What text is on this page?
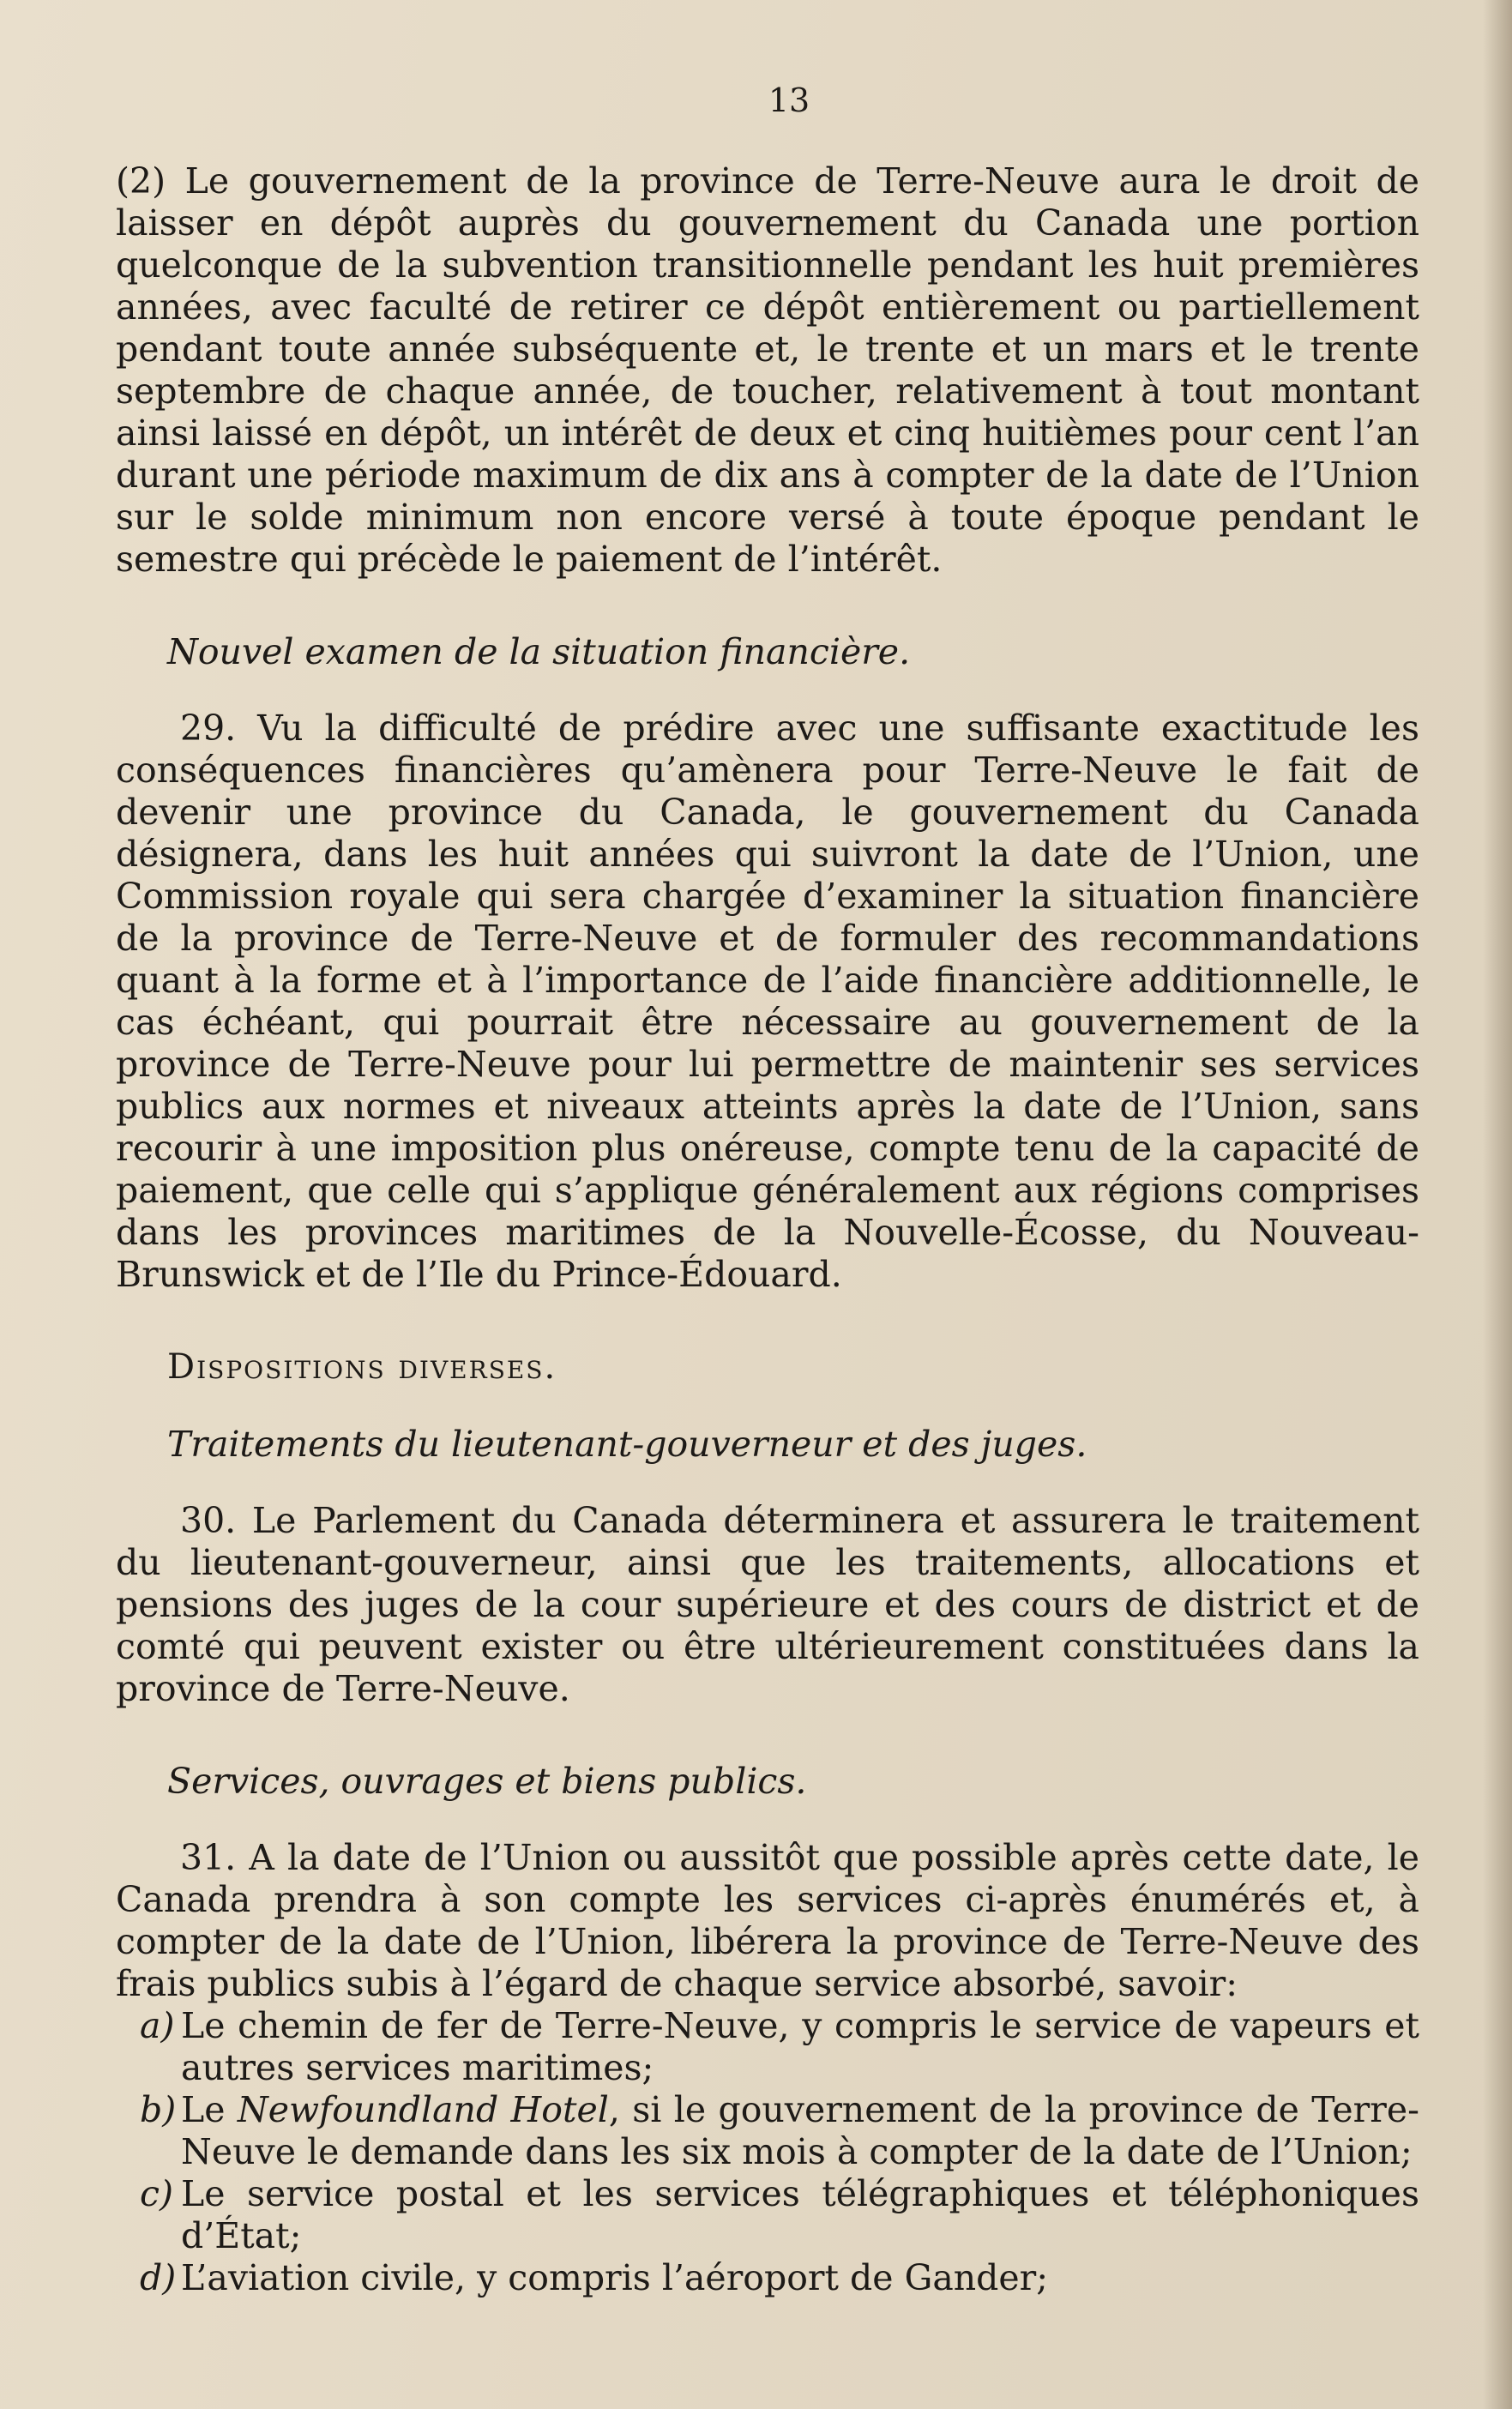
13

(2) Le gouvernement de la province de Terre-Neuve aura le droit de laisser en dépôt auprès du gouvernement du Canada une portion quelconque de la subvention transitionnelle pendant les huit premières années, avec faculté de retirer ce dépôt entièrement ou partiellement pendant toute année subséquente et, le trente et un mars et le trente septembre de chaque année, de toucher, relativement à tout montant ainsi laissé en dépôt, un intérêt de deux et cinq huitièmes pour cent l’an durant une période maximum de dix ans à compter de la date de l’Union sur le solde minimum non encore versé à toute époque pendant le semestre qui précède le paiement de l’intérêt.

Nouvel examen de la situation financière.

29. Vu la difficulté de prédire avec une suffisante exactitude les conséquences financières qu’amènera pour Terre-Neuve le fait de devenir une province du Canada, le gouvernement du Canada désignera, dans les huit années qui suivront la date de l’Union, une Commission royale qui sera chargée d’examiner la situation financière de la province de Terre-Neuve et de formuler des recommandations quant à la forme et à l’importance de l’aide financière additionnelle, le cas échéant, qui pourrait être nécessaire au gouvernement de la province de Terre-Neuve pour lui permettre de maintenir ses services publics aux normes et niveaux atteints après la date de l’Union, sans recourir à une imposition plus onéreuse, compte tenu de la capacité de paiement, que celle qui s’applique généralement aux régions comprises dans les provinces maritimes de la Nouvelle-Écosse, du Nouveau-Brunswick et de l’Ile du Prince-Édouard.

Dispositions diverses.

Traitements du lieutenant-gouverneur et des juges.

30. Le Parlement du Canada déterminera et assurera le traitement du lieutenant-gouverneur, ainsi que les traitements, allocations et pensions des juges de la cour supérieure et des cours de district et de comté qui peuvent exister ou être ultérieurement constituées dans la province de Terre-Neuve.

Services, ouvrages et biens publics.

31. A la date de l’Union ou aussitôt que possible après cette date, le Canada prendra à son compte les services ci-après énumérés et, à compter de la date de l’Union, libérera la province de Terre-Neuve des frais publics subis à l’égard de chaque service absorbé, savoir:

a) Le chemin de fer de Terre-Neuve, y compris le service de vapeurs et autres services maritimes;
b) Le Newfoundland Hotel, si le gouvernement de la province de Terre-Neuve le demande dans les six mois à compter de la date de l’Union;
c) Le service postal et les services télégraphiques et téléphoniques d’État;
d) L’aviation civile, y compris l’aéroport de Gander;
